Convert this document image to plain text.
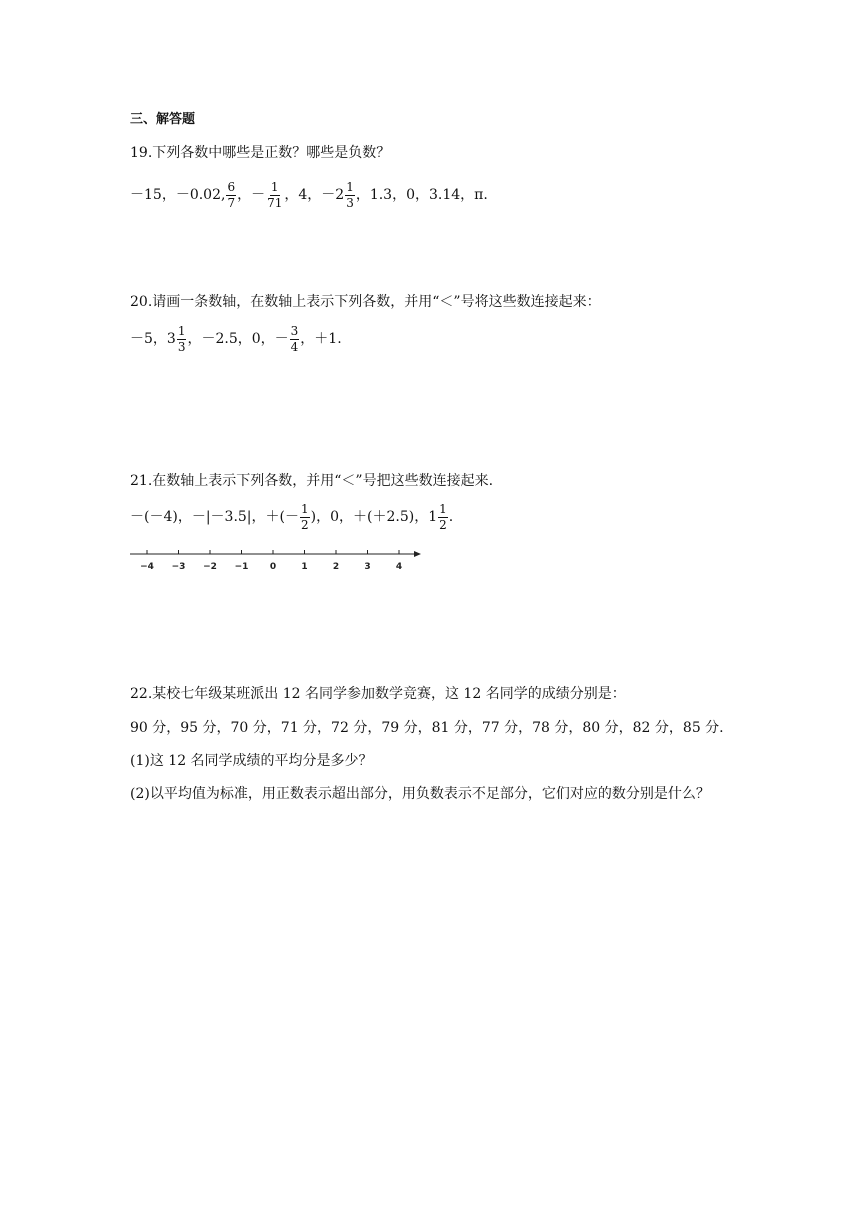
三、解答题
19.下列各数中哪些是正数？哪些是负数？
－15，－0.02, $\frac{6}{7}$ ，－ $\frac{1}{71}$ ，4，$-2 \frac{1}{3}$ ，1.3，0，3.14，π.
20.请画一条数轴，在数轴上表示下列各数，并用“＜”号将这些数连接起来：
－5，$3 \frac{1}{3}$ ，－2.5，0，－ $\frac{3}{4}$ ，＋1.
21.在数轴上表示下列各数，并用“＜”号把这些数连接起来.
－(－4)，－|－3.5|，＋(－ $\frac{1}{2}$ )，0，＋(＋2.5)，$1 \frac{1}{2}$ .
−4 −3 −2 −1 0	1	2	3	4
22.某校七年级某班派出 12 名同学参加数学竞赛，这 12 名同学的成绩分别是：
90 分，95 分，70 分，71 分，72 分，79 分，81 分，77 分，78 分，80 分，82 分，85 分.
(1)这 12 名同学成绩的平均分是多少？
(2)以平均值为标准，用正数表示超出部分，用负数表示不足部分，它们对应的数分别是什么？
